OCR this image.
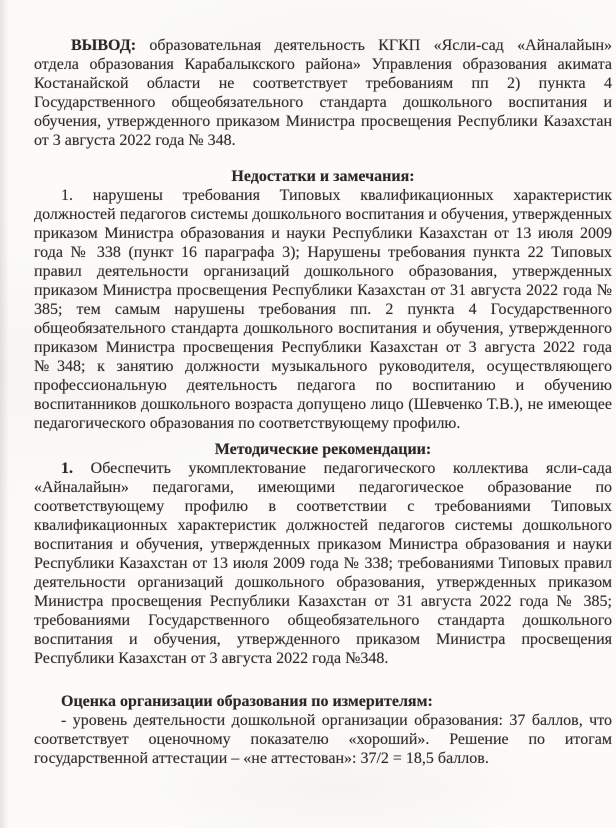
ВЫВОД: образовательная деятельность КГКП «Ясли-сад «Айналайын» отдела образования Карабалыкского района» Управления образования акимата Костанайской области не соответствует требованиям пп 2) пункта 4 Государственного общеобязательного стандарта дошкольного воспитания и обучения, утвержденного приказом Министра просвещения Республики Казахстан от 3 августа 2022 года № 348.

Недостатки и замечания:

1. нарушены требования Типовых квалификационных характеристик должностей педагогов системы дошкольного воспитания и обучения, утвержденных приказом Министра образования и науки Республики Казахстан от 13 июля 2009 года № 338 (пункт 16 параграфа 3); Нарушены требования пункта 22 Типовых правил деятельности организаций дошкольного образования, утвержденных приказом Министра просвещения Республики Казахстан от 31 августа 2022 года № 385; тем самым нарушены требования пп. 2 пункта 4 Государственного общеобязательного стандарта дошкольного воспитания и обучения, утвержденного приказом Министра просвещения Республики Казахстан от 3 августа 2022 года №348; к занятию должности музыкального руководителя, осуществляющего профессиональную деятельность педагога по воспитанию и обучению воспитанников дошкольного возраста допущено лицо (Шевченко Т.В.), не имеющее педагогического образования по соответствующему профилю.

Методические рекомендации:

1. Обеспечить укомплектование педагогического коллектива ясли-сада «Айналайын» педагогами, имеющими педагогическое образование по соответствующему профилю в соответствии с требованиями Типовых квалификационных характеристик должностей педагогов системы дошкольного воспитания и обучения, утвержденных приказом Министра образования и науки Республики Казахстан от 13 июля 2009 года № 338; требованиями Типовых правил деятельности организаций дошкольного образования, утвержденных приказом Министра просвещения Республики Казахстан от 31 августа 2022 года № 385; требованиями Государственного общеобязательного стандарта дошкольного воспитания и обучения, утвержденного приказом Министра просвещения Республики Казахстан от 3 августа 2022 года №348.

Оценка организации образования по измерителям:

- уровень деятельности дошкольной организации образования: 37 баллов, что соответствует оценочному показателю «хороший». Решение по итогам государственной аттестации – «не аттестован»: 37/2 = 18,5 баллов.
